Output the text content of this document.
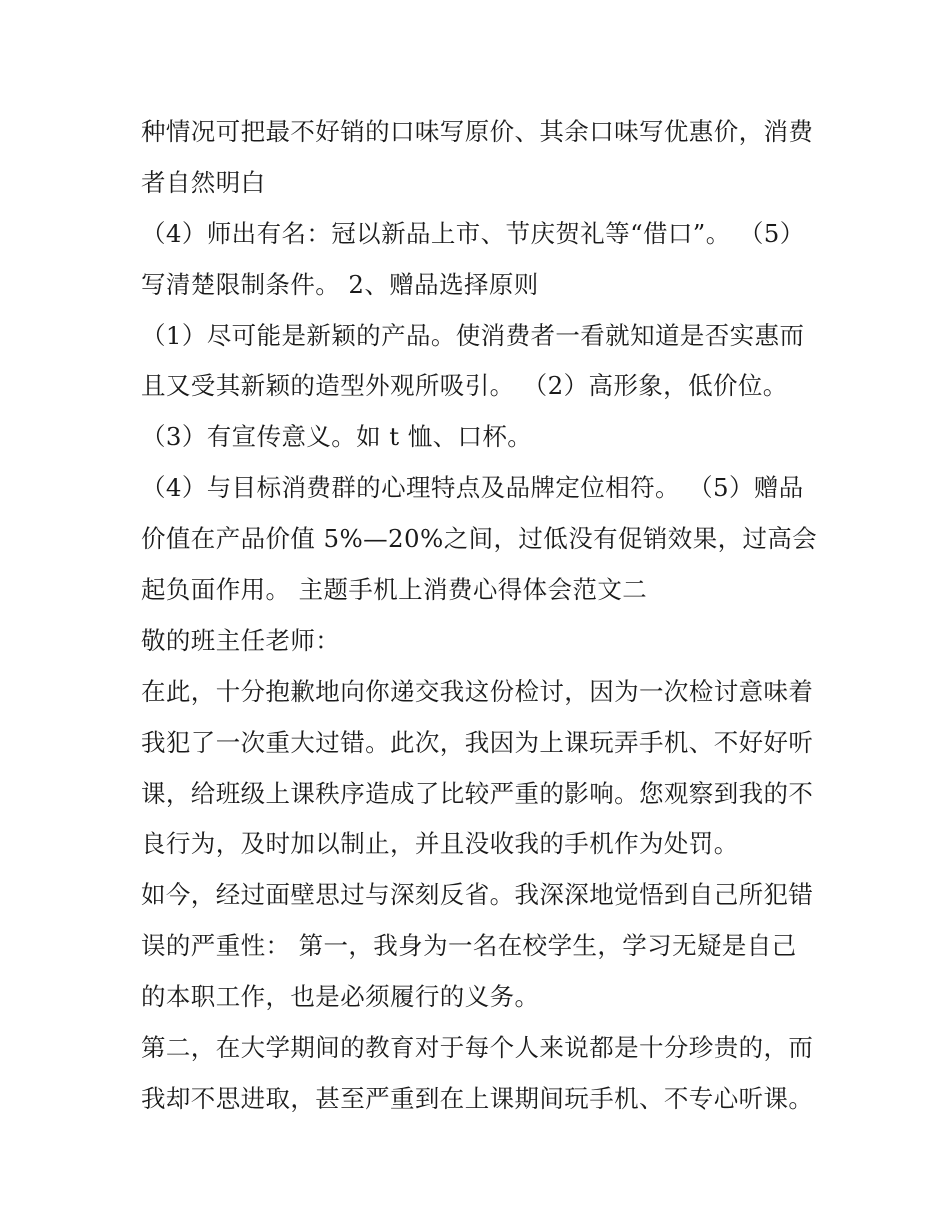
种情况可把最不好销的口味写原价、其余口味写优惠价，消费
者自然明白
（4）师出有名：冠以新品上市、节庆贺礼等“借口”。 （5）
写清楚限制条件。 2、赠品选择原则
（1）尽可能是新颖的产品。使消费者一看就知道是否实惠而
且又受其新颖的造型外观所吸引。 （2）高形象，低价位。
（3）有宣传意义。如 t 恤、口杯。
（4）与目标消费群的心理特点及品牌定位相符。 （5）赠品
价值在产品价值 5%—20%之间，过低没有促销效果，过高会
起负面作用。 主题手机上消费心得体会范文二
敬的班主任老师：
在此，十分抱歉地向你递交我这份检讨，因为一次检讨意味着
我犯了一次重大过错。此次，我因为上课玩弄手机、不好好听
课，给班级上课秩序造成了比较严重的影响。您观察到我的不
良行为，及时加以制止，并且没收我的手机作为处罚。
如今，经过面壁思过与深刻反省。我深深地觉悟到自己所犯错
误的严重性： 第一，我身为一名在校学生，学习无疑是自己
的本职工作，也是必须履行的义务。
第二，在大学期间的教育对于每个人来说都是十分珍贵的，而
我却不思进取，甚至严重到在上课期间玩手机、不专心听课。
